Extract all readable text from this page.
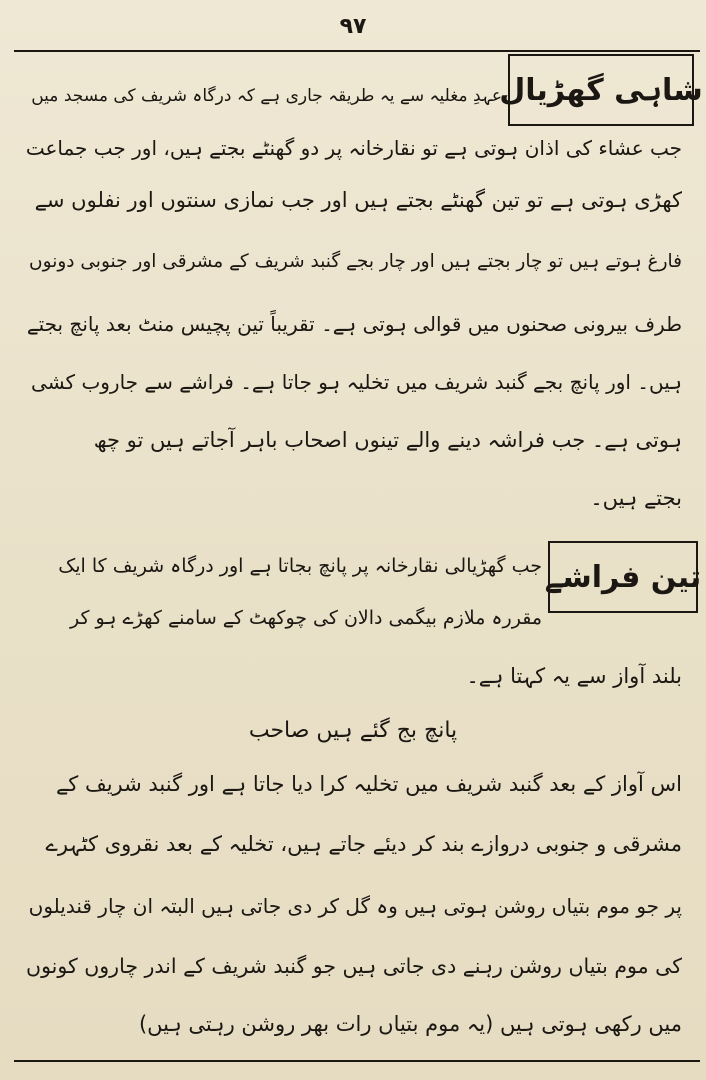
۹۷
شاہی گھڑیال
عہدِ مغلیہ سے یہ طریقہ جاری ہے کہ درگاہ شریف کی مسجد میں
جب عشاء کی اذان ہوتی ہے تو نقارخانہ پر دو گھنٹے بجتے ہیں، اور جب جماعت
کھڑی ہوتی ہے تو تین گھنٹے بجتے ہیں اور جب نمازی سنتوں اور نفلوں سے
فارغ ہوتے ہیں تو چار بجتے ہیں اور چار بجے گنبد شریف کے مشرقی اور جنوبی دونوں
طرف بیرونی صحنوں میں قوالی ہوتی ہے۔ تقریباً تین پچیس منٹ بعد پانچ بجتے
ہیں۔ اور پانچ بجے گنبد شریف میں تخلیہ ہو جاتا ہے۔ فراشے سے جاروب کشی
ہوتی ہے۔ جب فراشہ دینے والے تینوں اصحاب باہر آجاتے ہیں تو چھ
بجتے ہیں۔
تین فراشے
جب گھڑیالی نقارخانہ پر پانچ بجاتا ہے اور درگاہ شریف کا ایک
مقررہ ملازم بیگمی دالان کی چوکھٹ کے سامنے کھڑے ہو کر
بلند آواز سے یہ کہتا ہے۔
پانچ بج گئے ہیں صاحب
اس آواز کے بعد گنبد شریف میں تخلیہ کرا دیا جاتا ہے اور گنبد شریف کے
مشرقی و جنوبی دروازے بند کر دیئے جاتے ہیں، تخلیہ کے بعد نقروی کٹہرے
پر جو موم بتیاں روشن ہوتی ہیں وہ گل کر دی جاتی ہیں البتہ ان چار قندیلوں
کی موم بتیاں روشن رہنے دی جاتی ہیں جو گنبد شریف کے اندر چاروں کونوں
میں رکھی ہوتی ہیں (یہ موم بتیاں رات بھر روشن رہتی ہیں)
